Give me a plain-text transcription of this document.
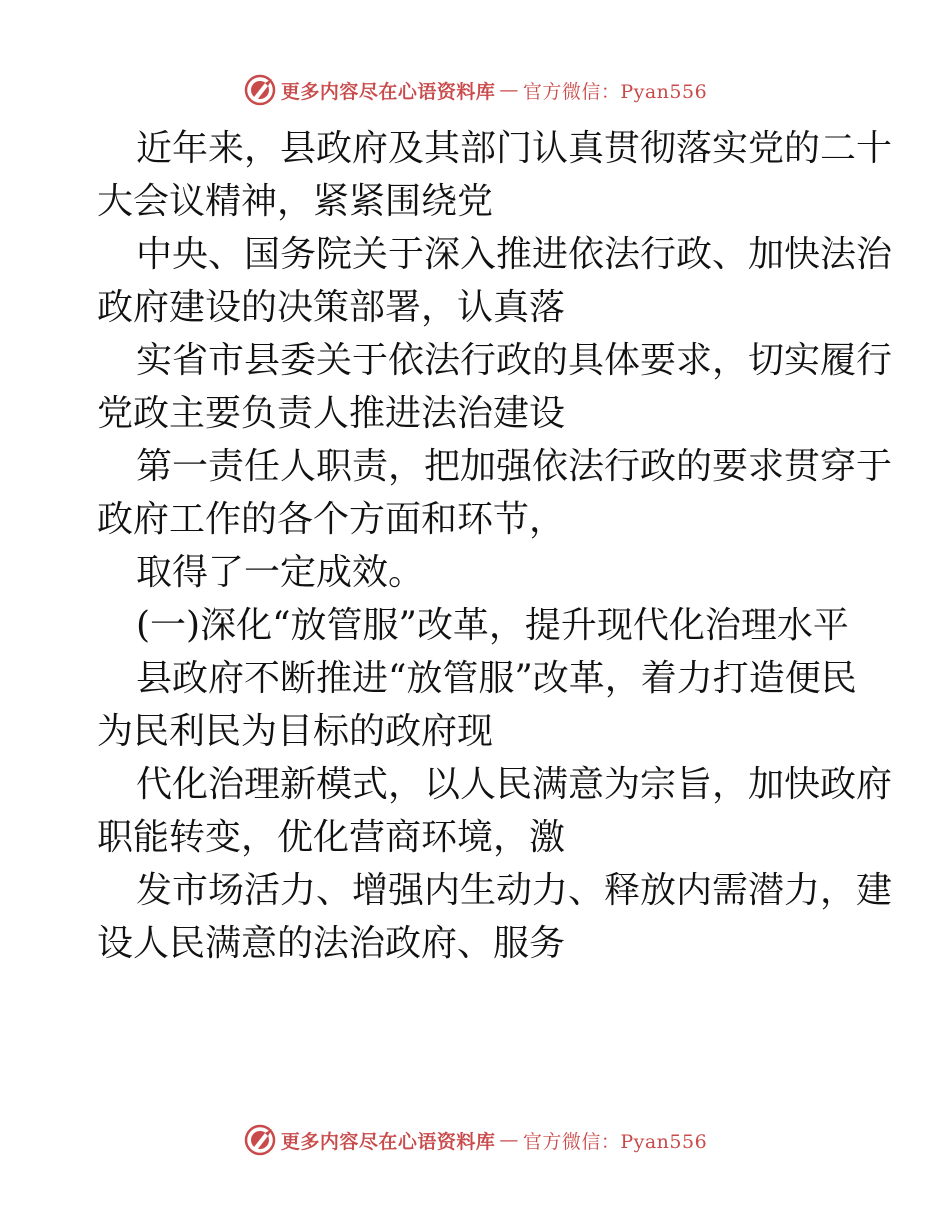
更多内容尽在心语资料库 — 官方微信：Pyan556

近年来，县政府及其部门认真贯彻落实党的二十

大会议精神，紧紧围绕党

中央、国务院关于深入推进依法行政、加快法治

政府建设的决策部署，认真落

实省市县委关于依法行政的具体要求，切实履行

党政主要负责人推进法治建设

第一责任人职责，把加强依法行政的要求贯穿于

政府工作的各个方面和环节，

取得了一定成效。

(一)深化“放管服”改革，提升现代化治理水平

县政府不断推进“放管服”改革，着力打造便民

为民利民为目标的政府现

代化治理新模式，以人民满意为宗旨，加快政府

职能转变，优化营商环境，激

发市场活力、增强内生动力、释放内需潜力，建

设人民满意的法治政府、服务

更多内容尽在心语资料库 — 官方微信：Pyan556
